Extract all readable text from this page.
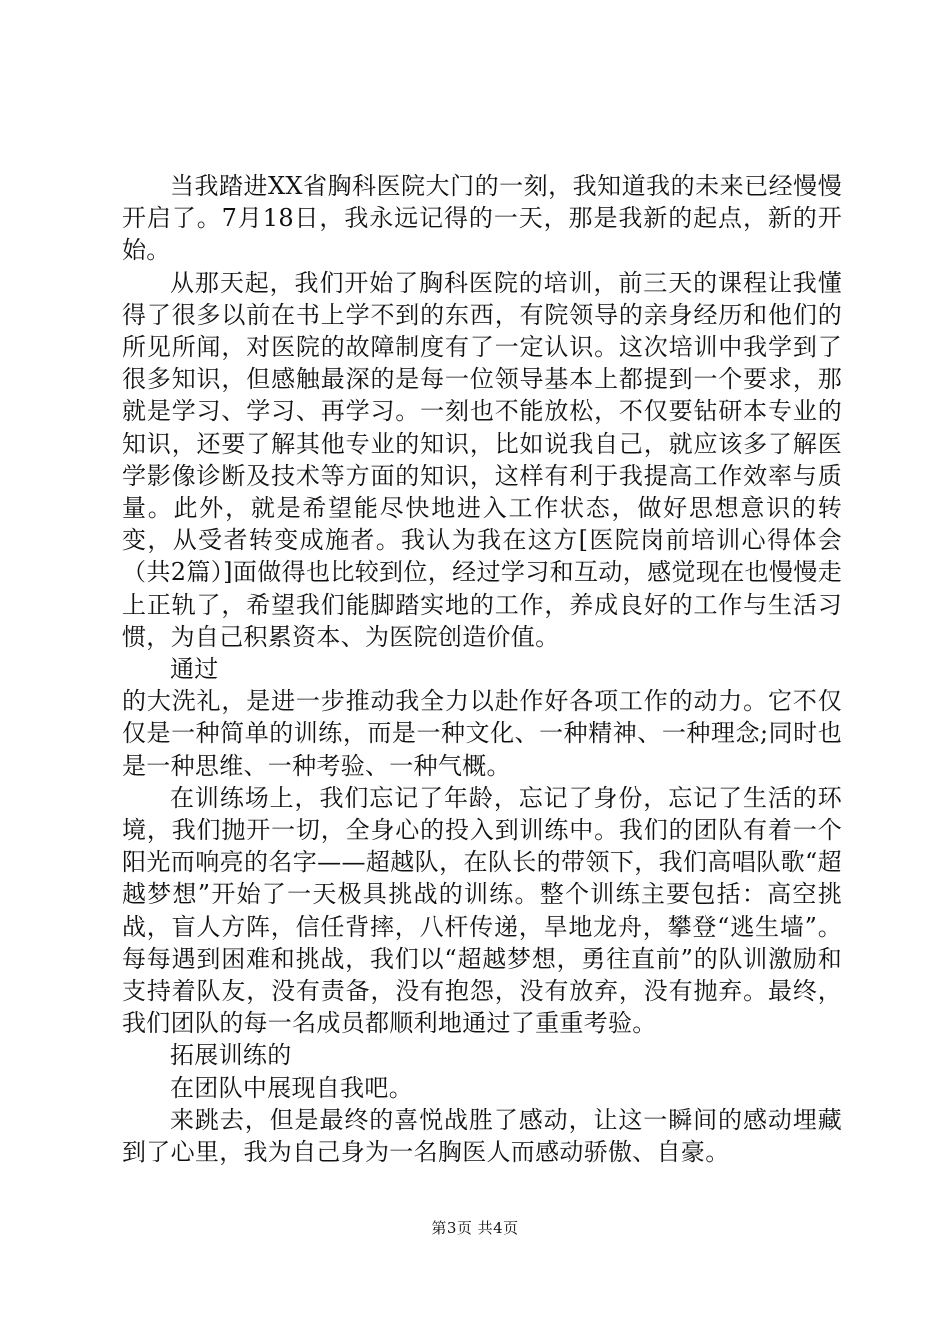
当我踏进XX省胸科医院大门的一刻，我知道我的未来已经慢慢开启了。7月18日，我永远记得的一天，那是我新的起点，新的开始。

从那天起，我们开始了胸科医院的培训，前三天的课程让我懂得了很多以前在书上学不到的东西，有院领导的亲身经历和他们的所见所闻，对医院的故障制度有了一定认识。这次培训中我学到了很多知识，但感触最深的是每一位领导基本上都提到一个要求，那就是学习、学习、再学习。一刻也不能放松，不仅要钻研本专业的知识，还要了解其他专业的知识，比如说我自己，就应该多了解医学影像诊断及技术等方面的知识，这样有利于我提高工作效率与质量。此外，就是希望能尽快地进入工作状态，做好思想意识的转变，从受者转变成施者。我认为我在这方[医院岗前培训心得体会（共2篇）]面做得也比较到位，经过学习和互动，感觉现在也慢慢走上正轨了，希望我们能脚踏实地的工作，养成良好的工作与生活习惯，为自己积累资本、为医院创造价值。

通过

的大洗礼，是进一步推动我全力以赴作好各项工作的动力。它不仅仅是一种简单的训练，而是一种文化、一种精神、一种理念;同时也是一种思维、一种考验、一种气概。

在训练场上，我们忘记了年龄，忘记了身份，忘记了生活的环境，我们抛开一切，全身心的投入到训练中。我们的团队有着一个阳光而响亮的名字——超越队，在队长的带领下，我们高唱队歌“超越梦想”开始了一天极具挑战的训练。整个训练主要包括：高空挑战，盲人方阵，信任背摔，八杆传递，旱地龙舟，攀登“逃生墙”。每每遇到困难和挑战，我们以“超越梦想，勇往直前”的队训激励和支持着队友，没有责备，没有抱怨，没有放弃，没有抛弃。最终，我们团队的每一名成员都顺利地通过了重重考验。

拓展训练的

在团队中展现自我吧。

来跳去，但是最终的喜悦战胜了感动，让这一瞬间的感动埋藏到了心里，我为自己身为一名胸医人而感动骄傲、自豪。

第3页 共4页
